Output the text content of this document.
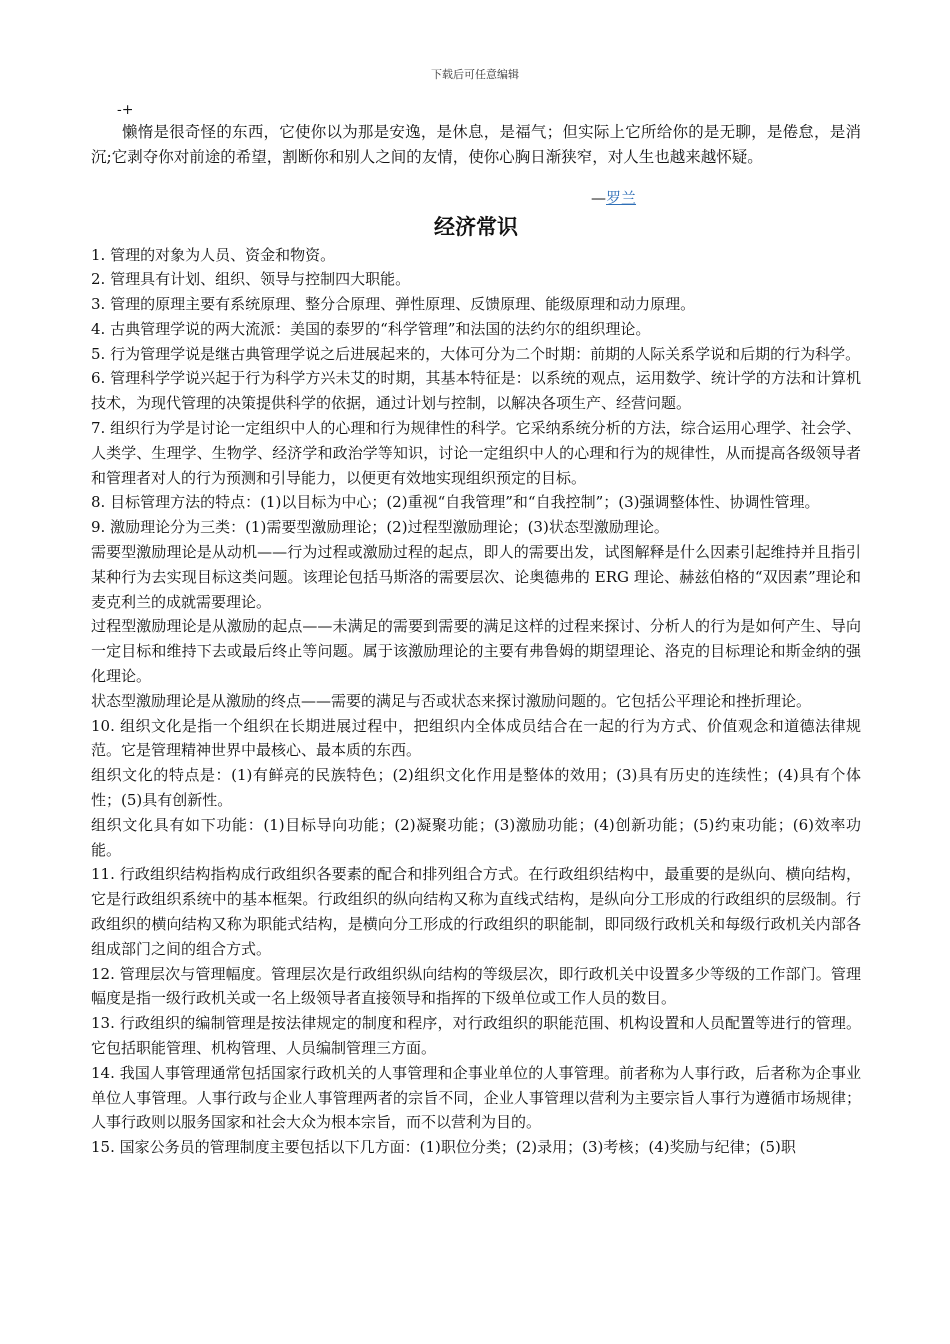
下载后可任意编辑
-+

懒惰是很奇怪的东西，它使你以为那是安逸，是休息，是福气；但实际上它所给你的是无聊，是倦怠，是消沉;它剥夺你对前途的希望，割断你和别人之间的友情，使你心胸日渐狭窄，对人生也越来越怀疑。

—罗兰
经济常识

1. 管理的对象为人员、资金和物资。

2. 管理具有计划、组织、领导与控制四大职能。

3. 管理的原理主要有系统原理、整分合原理、弹性原理、反馈原理、能级原理和动力原理。

4. 古典管理学说的两大流派：美国的泰罗的“科学管理”和法国的法约尔的组织理论。

5. 行为管理学说是继古典管理学说之后进展起来的，大体可分为二个时期：前期的人际关系学说和后期的行为科学。

6. 管理科学学说兴起于行为科学方兴未艾的时期，其基本特征是：以系统的观点，运用数学、统计学的方法和计算机技术，为现代管理的决策提供科学的依据，通过计划与控制，以解决各项生产、经营问题。

7. 组织行为学是讨论一定组织中人的心理和行为规律性的科学。它采纳系统分析的方法，综合运用心理学、社会学、人类学、生理学、生物学、经济学和政治学等知识，讨论一定组织中人的心理和行为的规律性，从而提高各级领导者和管理者对人的行为预测和引导能力，以便更有效地实现组织预定的目标。

8. 目标管理方法的特点：(1)以目标为中心；(2)重视“自我管理”和“自我控制”；(3)强调整体性、协调性管理。

9. 激励理论分为三类：(1)需要型激励理论；(2)过程型激励理论；(3)状态型激励理论。

需要型激励理论是从动机——行为过程或激励过程的起点，即人的需要出发，试图解释是什么因素引起维持并且指引某种行为去实现目标这类问题。该理论包括马斯洛的需要层次、论奥德弗的 ERG 理论、赫兹伯格的“双因素”理论和麦克利兰的成就需要理论。

过程型激励理论是从激励的起点——未满足的需要到需要的满足这样的过程来探讨、分析人的行为是如何产生、导向一定目标和维持下去或最后终止等问题。属于该激励理论的主要有弗鲁姆的期望理论、洛克的目标理论和斯金纳的强化理论。

状态型激励理论是从激励的终点——需要的满足与否或状态来探讨激励问题的。它包括公平理论和挫折理论。

10. 组织文化是指一个组织在长期进展过程中，把组织内全体成员结合在一起的行为方式、价值观念和道德法律规范。它是管理精神世界中最核心、最本质的东西。

组织文化的特点是：(1)有鲜亮的民族特色；(2)组织文化作用是整体的效用；(3)具有历史的连续性；(4)具有个体性；(5)具有创新性。

组织文化具有如下功能：(1)目标导向功能；(2)凝聚功能；(3)激励功能；(4)创新功能；(5)约束功能；(6)效率功能。

11. 行政组织结构指构成行政组织各要素的配合和排列组合方式。在行政组织结构中，最重要的是纵向、横向结构，它是行政组织系统中的基本框架。行政组织的纵向结构又称为直线式结构，是纵向分工形成的行政组织的层级制。行政组织的横向结构又称为职能式结构，是横向分工形成的行政组织的职能制，即同级行政机关和每级行政机关内部各组成部门之间的组合方式。

12. 管理层次与管理幅度。管理层次是行政组织纵向结构的等级层次，即行政机关中设置多少等级的工作部门。管理幅度是指一级行政机关或一名上级领导者直接领导和指挥的下级单位或工作人员的数目。

13. 行政组织的编制管理是按法律规定的制度和程序，对行政组织的职能范围、机构设置和人员配置等进行的管理。它包括职能管理、机构管理、人员编制管理三方面。

14. 我国人事管理通常包括国家行政机关的人事管理和企事业单位的人事管理。前者称为人事行政，后者称为企事业单位人事管理。人事行政与企业人事管理两者的宗旨不同，企业人事管理以营利为主要宗旨人事行为遵循市场规律；人事行政则以服务国家和社会大众为根本宗旨，而不以营利为目的。

15. 国家公务员的管理制度主要包括以下几方面：(1)职位分类；(2)录用；(3)考核；(4)奖励与纪律；(5)职
